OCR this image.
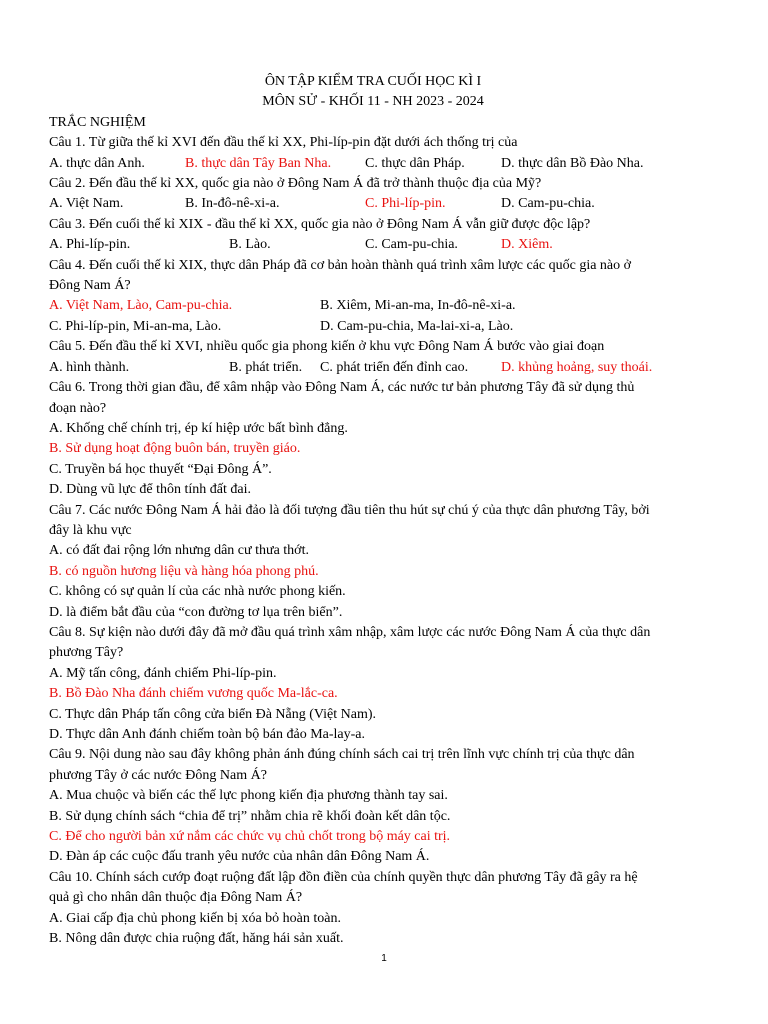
ÔN TẬP KIỂM TRA CUỐI HỌC KÌ I
MÔN SỬ - KHỐI 11 - NH 2023 - 2024
TRẮC NGHIỆM
Câu 1. Từ giữa thế kỉ XVI đến đầu thế kỉ XX, Phi-líp-pin đặt dưới ách thống trị của
A. thực dân Anh.	B. thực dân Tây Ban Nha.	C. thực dân Pháp.	D. thực dân Bồ Đào Nha.
Câu 2. Đến đầu thế kỉ XX, quốc gia nào ở Đông Nam Á đã trở thành thuộc địa của Mỹ?
A. Việt Nam.	B. In-đô-nê-xi-a.	C. Phi-líp-pin.	D. Cam-pu-chia.
Câu 3. Đến cuối thế kỉ XIX - đầu thế kỉ XX, quốc gia nào ở Đông Nam Á vẫn giữ được độc lập?
A. Phi-líp-pin.	B. Lào.	C. Cam-pu-chia.	D. Xiêm.
Câu 4. Đến cuối thế kỉ XIX, thực dân Pháp đã cơ bản hoàn thành quá trình xâm lược các quốc gia nào ở
Đông Nam Á?
A. Việt Nam, Lào, Cam-pu-chia.	B. Xiêm, Mi-an-ma, In-đô-nê-xi-a.
C. Phi-líp-pin, Mi-an-ma, Lào.	D. Cam-pu-chia, Ma-lai-xi-a, Lào.
Câu 5. Đến đầu thế kỉ XVI, nhiều quốc gia phong kiến ở khu vực Đông Nam Á bước vào giai đoạn
A. hình thành.	B. phát triển.	C. phát triển đến đỉnh cao.	D. khủng hoảng, suy thoái.
Câu 6. Trong thời gian đầu, để xâm nhập vào Đông Nam Á, các nước tư bản phương Tây đã sử dụng thủ
đoạn nào?
A. Khống chế chính trị, ép kí hiệp ước bất bình đẳng.
B. Sử dụng hoạt động buôn bán, truyền giáo.
C. Truyền bá học thuyết “Đại Đông Á”.
D. Dùng vũ lực để thôn tính đất đai.
Câu 7. Các nước Đông Nam Á hải đảo là đối tượng đầu tiên thu hút sự chú ý của thực dân phương Tây, bởi
đây là khu vực
A. có đất đai rộng lớn nhưng dân cư thưa thớt.
B. có nguồn hương liệu và hàng hóa phong phú.
C. không có sự quản lí của các nhà nước phong kiến.
D. là điểm bắt đầu của “con đường tơ lụa trên biển”.
Câu 8. Sự kiện nào dưới đây đã mở đầu quá trình xâm nhập, xâm lược các nước Đông Nam Á của thực dân
phương Tây?
A. Mỹ tấn công, đánh chiếm Phi-líp-pin.
B. Bồ Đào Nha đánh chiếm vương quốc Ma-lắc-ca.
C. Thực dân Pháp tấn công cửa biển Đà Nẵng (Việt Nam).
D. Thực dân Anh đánh chiếm toàn bộ bán đảo Ma-lay-a.
Câu 9. Nội dung nào sau đây không phản ánh đúng chính sách cai trị trên lĩnh vực chính trị của thực dân
phương Tây ở các nước Đông Nam Á?
A. Mua chuộc và biến các thế lực phong kiến địa phương thành tay sai.
B. Sử dụng chính sách “chia để trị” nhằm chia rẽ khối đoàn kết dân tộc.
C. Để cho người bản xứ nắm các chức vụ chủ chốt trong bộ máy cai trị.
D. Đàn áp các cuộc đấu tranh yêu nước của nhân dân Đông Nam Á.
Câu 10. Chính sách cướp đoạt ruộng đất lập đồn điền của chính quyền thực dân phương Tây đã gây ra hệ
quả gì cho nhân dân thuộc địa Đông Nam Á?
A. Giai cấp địa chủ phong kiến bị xóa bỏ hoàn toàn.
B. Nông dân được chia ruộng đất, hăng hái sản xuất.
1
